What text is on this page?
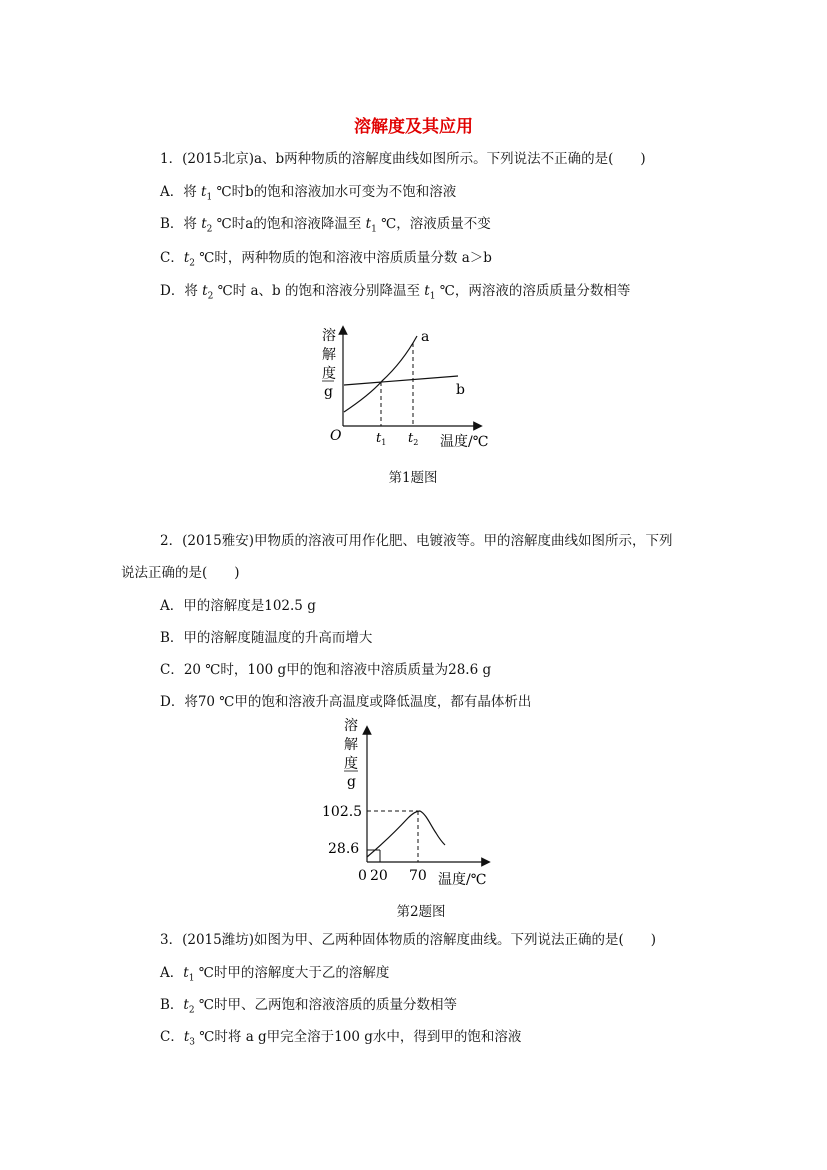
溶解度及其应用
1．(2015北京)a、b两种物质的溶解度曲线如图所示。下列说法不正确的是(　　)
A．将 $t_1$ ℃时b的饱和溶液加水可变为不饱和溶液
B．将 $t_2$ ℃时a的饱和溶液降温至 $t_1$ ℃，溶液质量不变
C．$t_2$ ℃时，两种物质的饱和溶液中溶质质量分数 a＞b
D．将 $t_2$ ℃时 a、b 的饱和溶液分别降温至 $t_1$ ℃，两溶液的溶质质量分数相等
溶
解
度
g
O
a
b
$t_1$ $t_2$ 温度/℃
第1题图
2．(2015雅安)甲物质的溶液可用作化肥、电镀液等。甲的溶解度曲线如图所示，下列
说法正确的是(　　)
A．甲的溶解度是102.5 g
B．甲的溶解度随温度的升高而增大
C．20 ℃时，100 g甲的饱和溶液中溶质质量为28.6 g
D．将70 ℃甲的饱和溶液升高温度或降低温度，都有晶体析出
溶
解
度
g
102.5
28.6
0 20 70 温度/℃
第2题图
3．(2015潍坊)如图为甲、乙两种固体物质的溶解度曲线。下列说法正确的是(　　)
A．$t_1$ ℃时甲的溶解度大于乙的溶解度
B．$t_2$ ℃时甲、乙两饱和溶液溶质的质量分数相等
C．$t_3$ ℃时将 a g甲完全溶于100 g水中，得到甲的饱和溶液
